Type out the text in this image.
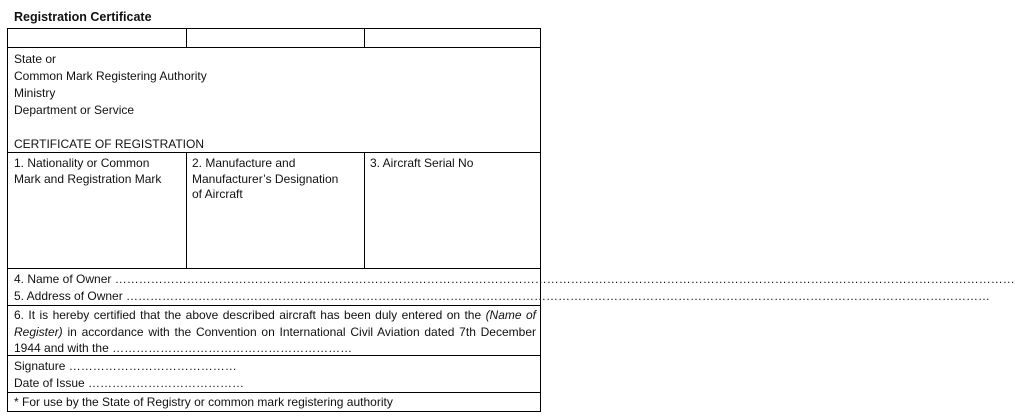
Registration Certificate
State or
Common Mark Registering Authority
Ministry
Department or Service
CERTIFICATE OF REGISTRATION
1. Nationality or Common
Mark and Registration Mark
2. Manufacture and
Manufacturer’s Designation
of Aircraft
3. Aircraft Serial No
4. Name of Owner ………………………………………………………………………………………………………………………………………………………………………………………………………
5. Address of Owner ………………………………………………………………………………………………………………………………………………………………………………………………
6. It is hereby certified that the above described aircraft has been duly entered on the (Name of Register) in accordance with the Convention on International Civil Aviation dated 7th December 1944 and with the ……………………………………………………
Signature ……………………………………
Date of Issue …………………………………
* For use by the State of Registry or common mark registering authority
